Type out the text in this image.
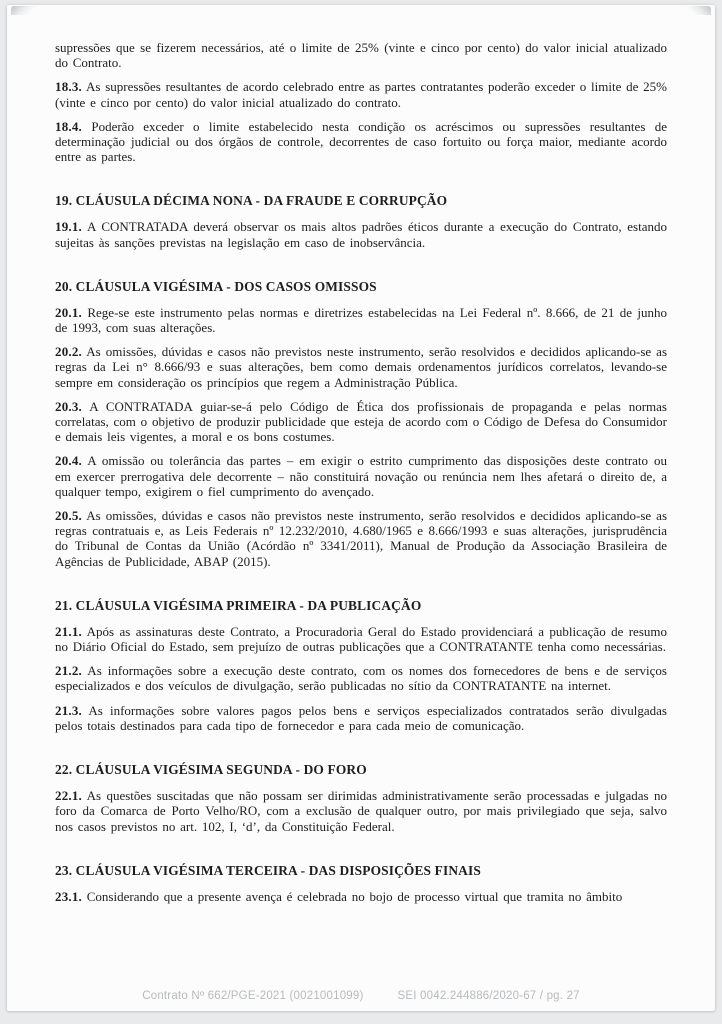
supressões que se fizerem necessários, até o limite de 25% (vinte e cinco por cento) do valor inicial atualizado do Contrato.

18.3. As supressões resultantes de acordo celebrado entre as partes contratantes poderão exceder o limite de 25% (vinte e cinco por cento) do valor inicial atualizado do contrato.

18.4. Poderão exceder o limite estabelecido nesta condição os acréscimos ou supressões resultantes de determinação judicial ou dos órgãos de controle, decorrentes de caso fortuito ou força maior, mediante acordo entre as partes.

19. CLÁUSULA DÉCIMA NONA - DA FRAUDE E CORRUPÇÃO

19.1. A CONTRATADA deverá observar os mais altos padrões éticos durante a execução do Contrato, estando sujeitas às sanções previstas na legislação em caso de inobservância.

20. CLÁUSULA VIGÉSIMA - DOS CASOS OMISSOS

20.1. Rege-se este instrumento pelas normas e diretrizes estabelecidas na Lei Federal nº. 8.666, de 21 de junho de 1993, com suas alterações.

20.2. As omissões, dúvidas e casos não previstos neste instrumento, serão resolvidos e decididos aplicando-se as regras da Lei n° 8.666/93 e suas alterações, bem como demais ordenamentos jurídicos correlatos, levando-se sempre em consideração os princípios que regem a Administração Pública.

20.3. A CONTRATADA guiar-se-á pelo Código de Ética dos profissionais de propaganda e pelas normas correlatas, com o objetivo de produzir publicidade que esteja de acordo com o Código de Defesa do Consumidor e demais leis vigentes, a moral e os bons costumes.

20.4. A omissão ou tolerância das partes – em exigir o estrito cumprimento das disposições deste contrato ou em exercer prerrogativa dele decorrente – não constituirá novação ou renúncia nem lhes afetará o direito de, a qualquer tempo, exigirem o fiel cumprimento do avençado.

20.5. As omissões, dúvidas e casos não previstos neste instrumento, serão resolvidos e decididos aplicando-se as regras contratuais e, as Leis Federais nº 12.232/2010, 4.680/1965 e 8.666/1993 e suas alterações, jurisprudência do Tribunal de Contas da União (Acórdão nº 3341/2011), Manual de Produção da Associação Brasileira de Agências de Publicidade, ABAP (2015).

21. CLÁUSULA VIGÉSIMA PRIMEIRA - DA PUBLICAÇÃO

21.1. Após as assinaturas deste Contrato, a Procuradoria Geral do Estado providenciará a publicação de resumo no Diário Oficial do Estado, sem prejuízo de outras publicações que a CONTRATANTE tenha como necessárias.

21.2. As informações sobre a execução deste contrato, com os nomes dos fornecedores de bens e de serviços especializados e dos veículos de divulgação, serão publicadas no sítio da CONTRATANTE na internet.

21.3. As informações sobre valores pagos pelos bens e serviços especializados contratados serão divulgadas pelos totais destinados para cada tipo de fornecedor e para cada meio de comunicação.

22. CLÁUSULA VIGÉSIMA SEGUNDA - DO FORO

22.1. As questões suscitadas que não possam ser dirimidas administrativamente serão processadas e julgadas no foro da Comarca de Porto Velho/RO, com a exclusão de qualquer outro, por mais privilegiado que seja, salvo nos casos previstos no art. 102, I, ‘d’, da Constituição Federal.

23. CLÁUSULA VIGÉSIMA TERCEIRA - DAS DISPOSIÇÕES FINAIS

23.1. Considerando que a presente avença é celebrada no bojo de processo virtual que tramita no âmbito

Contrato Nº 662/PGE-2021 (0021001099)	SEI 0042.244886/2020-67 / pg. 27
